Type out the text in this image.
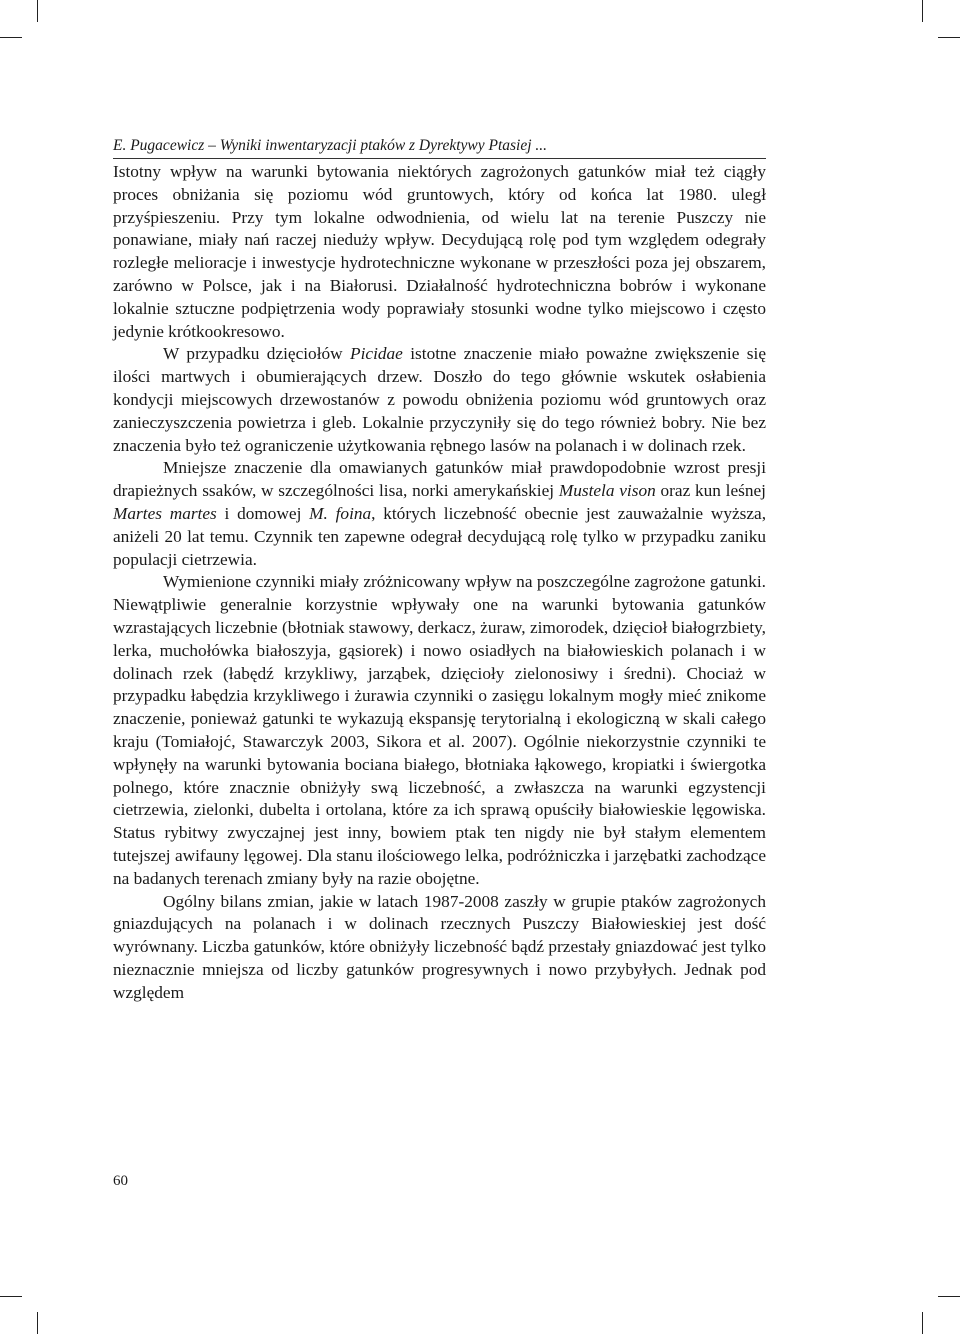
E. Pugacewicz – Wyniki inwentaryzacji ptaków z Dyrektywy Ptasiej ...

Istotny wpływ na warunki bytowania niektórych zagrożonych gatunków miał też ciągły proces obniżania się poziomu wód gruntowych, który od końca lat 1980. uległ przyśpieszeniu. Przy tym lokalne odwodnienia, od wielu lat na terenie Puszczy nie ponawiane, miały nań raczej nieduży wpływ. Decydującą rolę pod tym względem odegrały rozległe melioracje i inwestycje hydrotechniczne wykonane w przeszłości poza jej obszarem, zarówno w Polsce, jak i na Białorusi. Działalność hydrotechniczna bobrów i wykonane lokalnie sztuczne podpiętrzenia wody poprawiały stosunki wodne tylko miejscowo i często jedynie krótkookresowo.

W przypadku dzięciołów Picidae istotne znaczenie miało poważne zwiększenie się ilości martwych i obumierających drzew. Doszło do tego głównie wskutek osłabienia kondycji miejscowych drzewostanów z powodu obniżenia poziomu wód gruntowych oraz zanieczyszczenia powietrza i gleb. Lokalnie przyczyniły się do tego również bobry. Nie bez znaczenia było też ograniczenie użytkowania rębnego lasów na polanach i w dolinach rzek.

Mniejsze znaczenie dla omawianych gatunków miał prawdopodobnie wzrost presji drapieżnych ssaków, w szczególności lisa, norki amerykańskiej Mustela vison oraz kun leśnej Martes martes i domowej M. foina, których liczebność obecnie jest zauważalnie wyższa, aniżeli 20 lat temu. Czynnik ten zapewne odegrał decydującą rolę tylko w przypadku zaniku populacji cietrzewia.

Wymienione czynniki miały zróżnicowany wpływ na poszczególne zagrożone gatunki. Niewątpliwie generalnie korzystnie wpływały one na warunki bytowania gatunków wzrastających liczebnie (błotniak stawowy, derkacz, żuraw, zimorodek, dzięcioł białogrzbiety, lerka, muchołówka białoszyja, gąsiorek) i nowo osiadłych na białowieskich polanach i w dolinach rzek (łabędź krzykliwy, jarząbek, dzięcioły zielonosiwy i średni). Chociaż w przypadku łabędzia krzykliwego i żurawia czynniki o zasięgu lokalnym mogły mieć znikome znaczenie, ponieważ gatunki te wykazują ekspansję terytorialną i ekologiczną w skali całego kraju (Tomiałojć, Stawarczyk 2003, Sikora et al. 2007). Ogólnie niekorzystnie czynniki te wpłynęły na warunki bytowania bociana białego, błotniaka łąkowego, kropiatki i świergotka polnego, które znacznie obniżyły swą liczebność, a zwłaszcza na warunki egzystencji cietrzewia, zielonki, dubelta i ortolana, które za ich sprawą opuściły białowieskie lęgowiska. Status rybitwy zwyczajnej jest inny, bowiem ptak ten nigdy nie był stałym elementem tutejszej awifauny lęgowej. Dla stanu ilościowego lelka, podróżniczka i jarzębatki zachodzące na badanych terenach zmiany były na razie obojętne.

Ogólny bilans zmian, jakie w latach 1987-2008 zaszły w grupie ptaków zagrożonych gniazdujących na polanach i w dolinach rzecznych Puszczy Białowieskiej jest dość wyrównany. Liczba gatunków, które obniżyły liczebność bądź przestały gniazdować jest tylko nieznacznie mniejsza od liczby gatunków progresywnych i nowo przybyłych. Jednak pod względem

60
